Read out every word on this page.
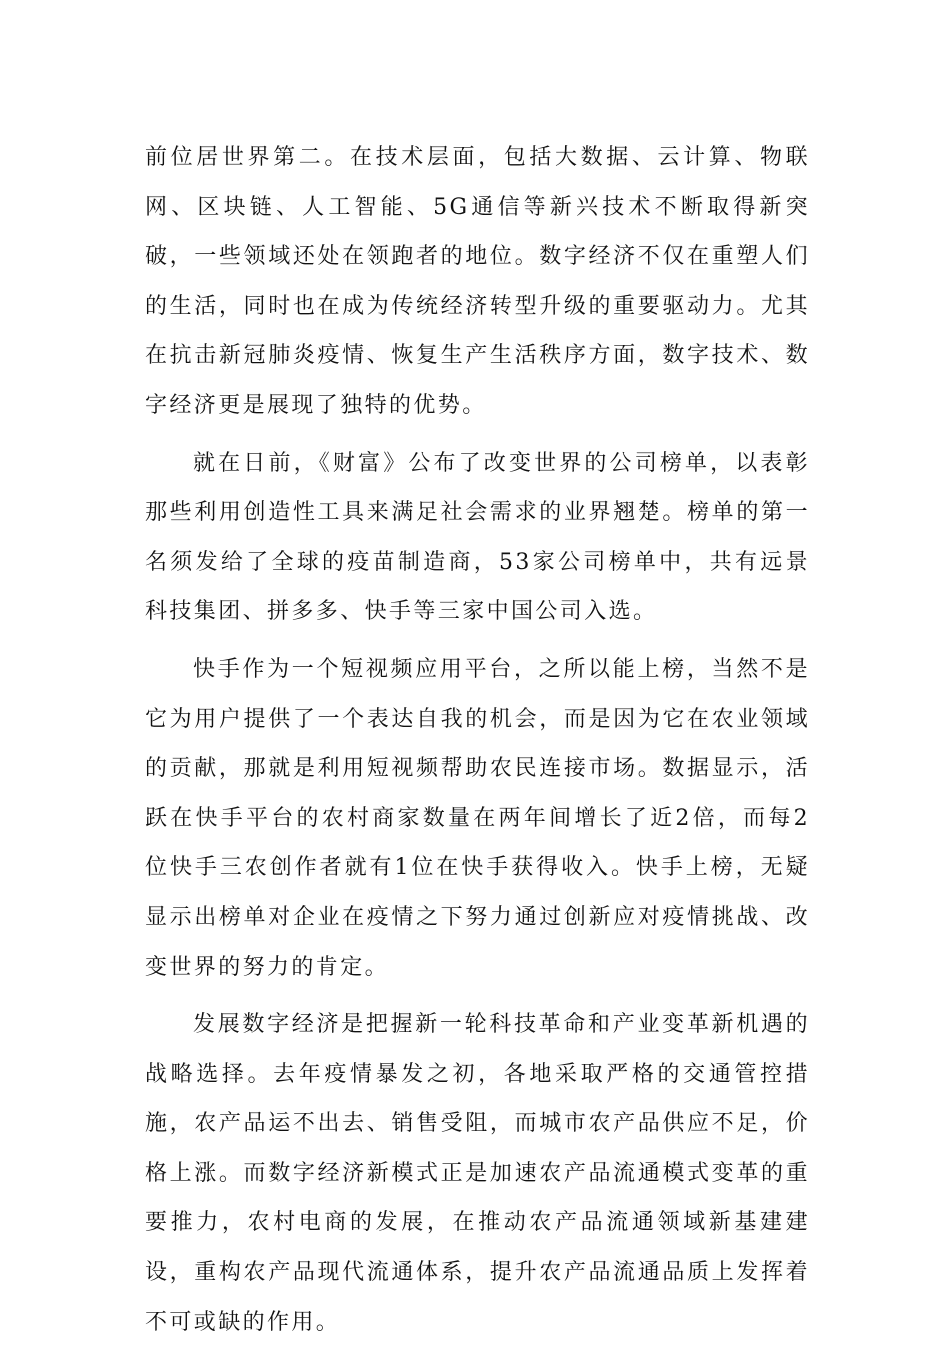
前位居世界第二。在技术层面，包括大数据、云计算、物联网、区块链、人工智能、5G通信等新兴技术不断取得新突破，一些领域还处在领跑者的地位。数字经济不仅在重塑人们的生活，同时也在成为传统经济转型升级的重要驱动力。尤其在抗击新冠肺炎疫情、恢复生产生活秩序方面，数字技术、数字经济更是展现了独特的优势。

就在日前，《财富》公布了改变世界的公司榜单，以表彰那些利用创造性工具来满足社会需求的业界翘楚。榜单的第一名须发给了全球的疫苗制造商，53家公司榜单中，共有远景科技集团、拼多多、快手等三家中国公司入选。

快手作为一个短视频应用平台，之所以能上榜，当然不是它为用户提供了一个表达自我的机会，而是因为它在农业领域的贡献，那就是利用短视频帮助农民连接市场。数据显示，活跃在快手平台的农村商家数量在两年间增长了近2倍，而每2位快手三农创作者就有1位在快手获得收入。快手上榜，无疑显示出榜单对企业在疫情之下努力通过创新应对疫情挑战、改变世界的努力的肯定。

发展数字经济是把握新一轮科技革命和产业变革新机遇的战略选择。去年疫情暴发之初，各地采取严格的交通管控措施，农产品运不出去、销售受阻，而城市农产品供应不足，价格上涨。而数字经济新模式正是加速农产品流通模式变革的重要推力，农村电商的发展，在推动农产品流通领域新基建建设，重构农产品现代流通体系，提升农产品流通品质上发挥着不可或缺的作用。
